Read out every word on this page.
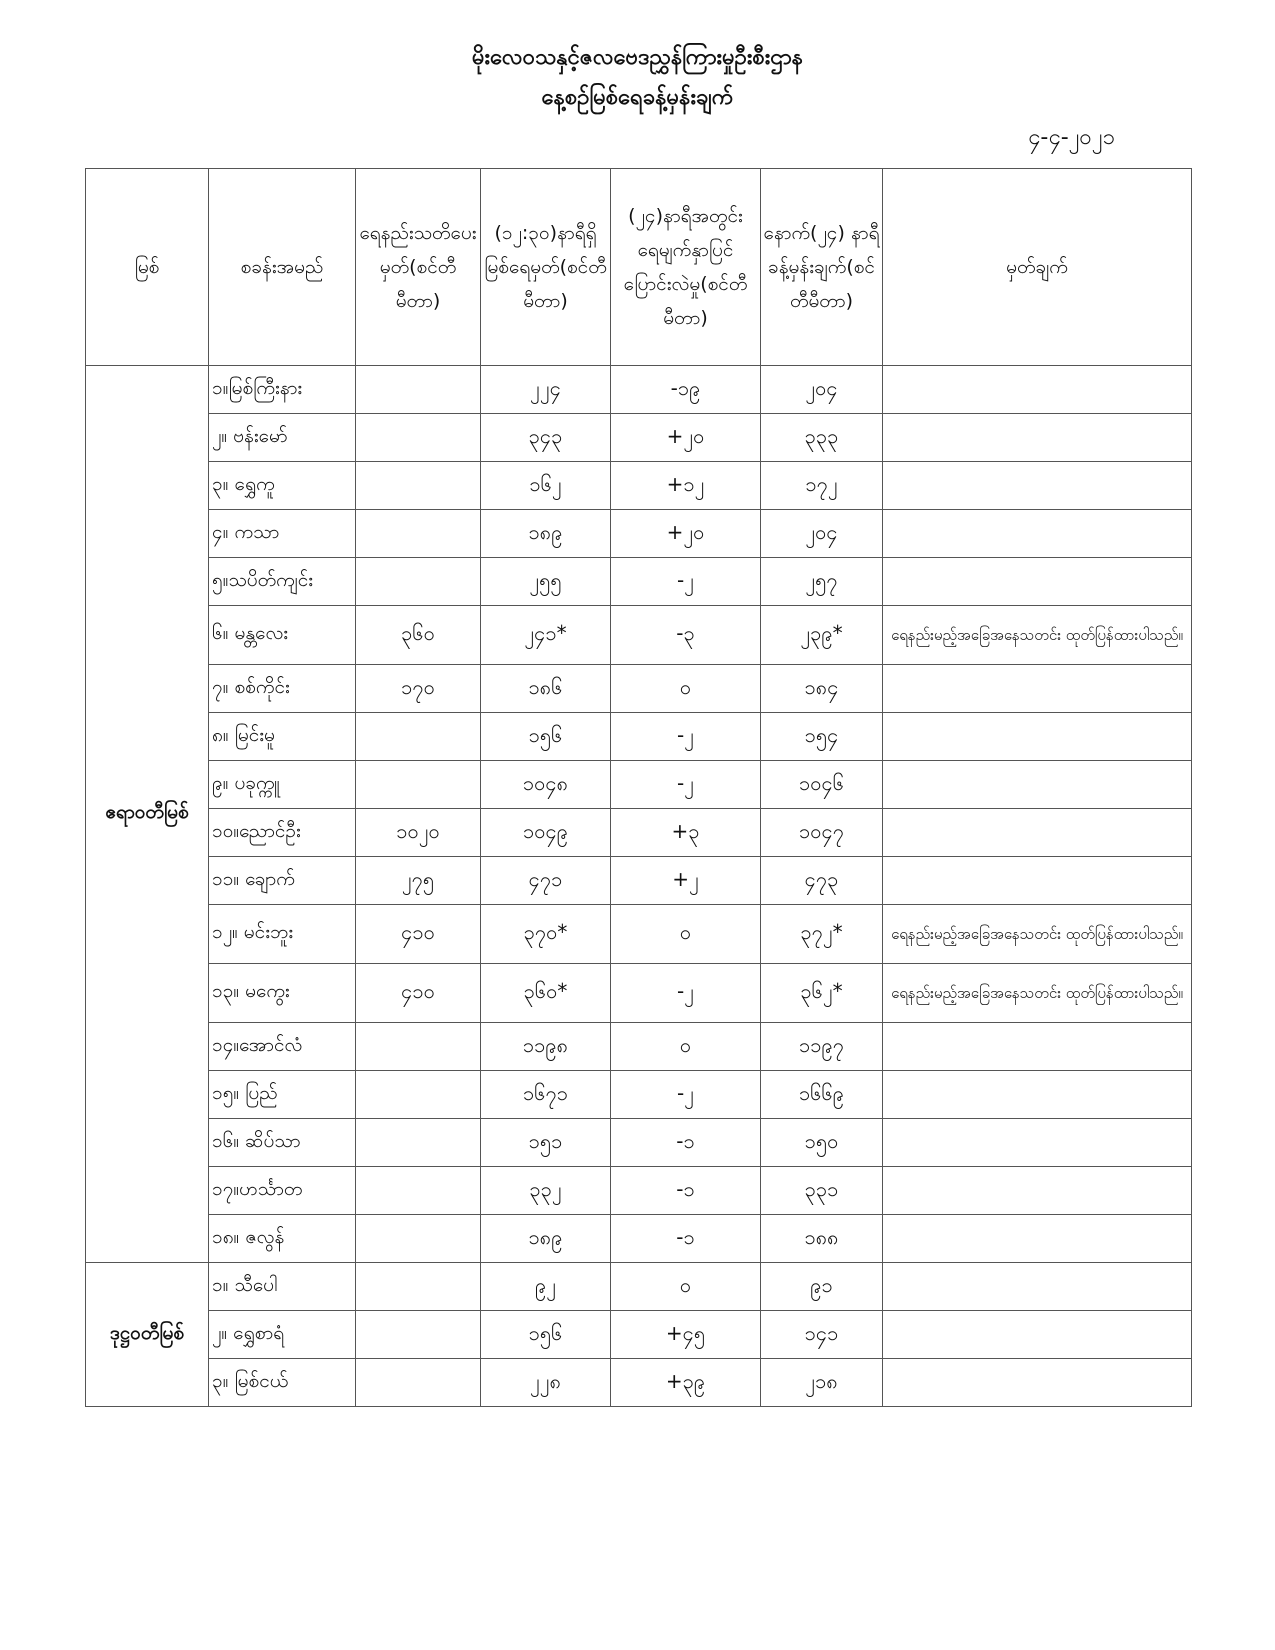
မိုးလေဝသနှင့်ဇလဗေဒညွှန်ကြားမှုဦးစီးဌာန
နေ့စဉ်မြစ်ရေခန့်မှန်းချက်
၄-၄-၂၀၂၁
မြစ်	စခန်းအမည်	ရေနည်းသတိပေးမှတ်(စင်တီမီတာ)	(၁၂:၃၀)နာရီရှိမြစ်ရေမှတ်(စင်တီမီတာ)	(၂၄)နာရီအတွင်းရေမျက်နှာပြင်ပြောင်းလဲမှု(စင်တီမီတာ)	နောက်(၂၄) နာရီခန့်မှန်းချက်(စင်တီမီတာ)	မှတ်ချက်
ဧရာဝတီမြစ်	၁။မြစ်ကြီးနား		၂၂၄	-၁၉	၂၀၄	
	၂။ ဗန်းမော်		၃၄၃	+၂၀	၃၃၃	
	၃။ ရွှေကူ		၁၆၂	+၁၂	၁၇၂	
	၄။ ကသာ		၁၈၉	+၂၀	၂၀၄	
	၅။သပိတ်ကျင်း		၂၅၅	-၂	၂၅၇	
	၆။ မန္တလေး	၃၆၀	၂၄၁*	-၃	၂၃၉*	ရေနည်းမည့်အခြေအနေသတင်း ထုတ်ပြန်ထားပါသည်။
	၇။ စစ်ကိုင်း	၁၇၀	၁၈၆	၀	၁၈၄	
	၈။ မြင်းမူ		၁၅၆	-၂	၁၅၄	
	၉။ ပခုက္ကူ		၁၀၄၈	-၂	၁၀၄၆	
	၁၀။ညောင်ဦး	၁၀၂၀	၁၀၄၉	+၃	၁၀၄၇	
	၁၁။ ချောက်	၂၇၅	၄၇၁	+၂	၄၇၃	
	၁၂။ မင်းဘူး	၄၁၀	၃၇၀*	၀	၃၇၂*	ရေနည်းမည့်အခြေအနေသတင်း ထုတ်ပြန်ထားပါသည်။
	၁၃။ မကွေး	၄၁၀	၃၆၀*	-၂	၃၆၂*	ရေနည်းမည့်အခြေအနေသတင်း ထုတ်ပြန်ထားပါသည်။
	၁၄။အောင်လံ		၁၁၉၈	၀	၁၁၉၇	
	၁၅။ ပြည်		၁၆၇၁	-၂	၁၆၆၉	
	၁၆။ ဆိပ်သာ		၁၅၁	-၁	၁၅၀	
	၁၇။ဟင်္သာတ		၃၃၂	-၁	၃၃၁	
	၁၈။ ဇလွန်		၁၈၉	-၁	၁၈၈	
ဒုဋ္ဌဝတီမြစ်	၁။ သီပေါ		၉၂	၀	၉၁	
	၂။ ရွှေစာရံ		၁၅၆	+၄၅	၁၄၁	
	၃။ မြစ်ငယ်		၂၂၈	+၃၉	၂၁၈	
